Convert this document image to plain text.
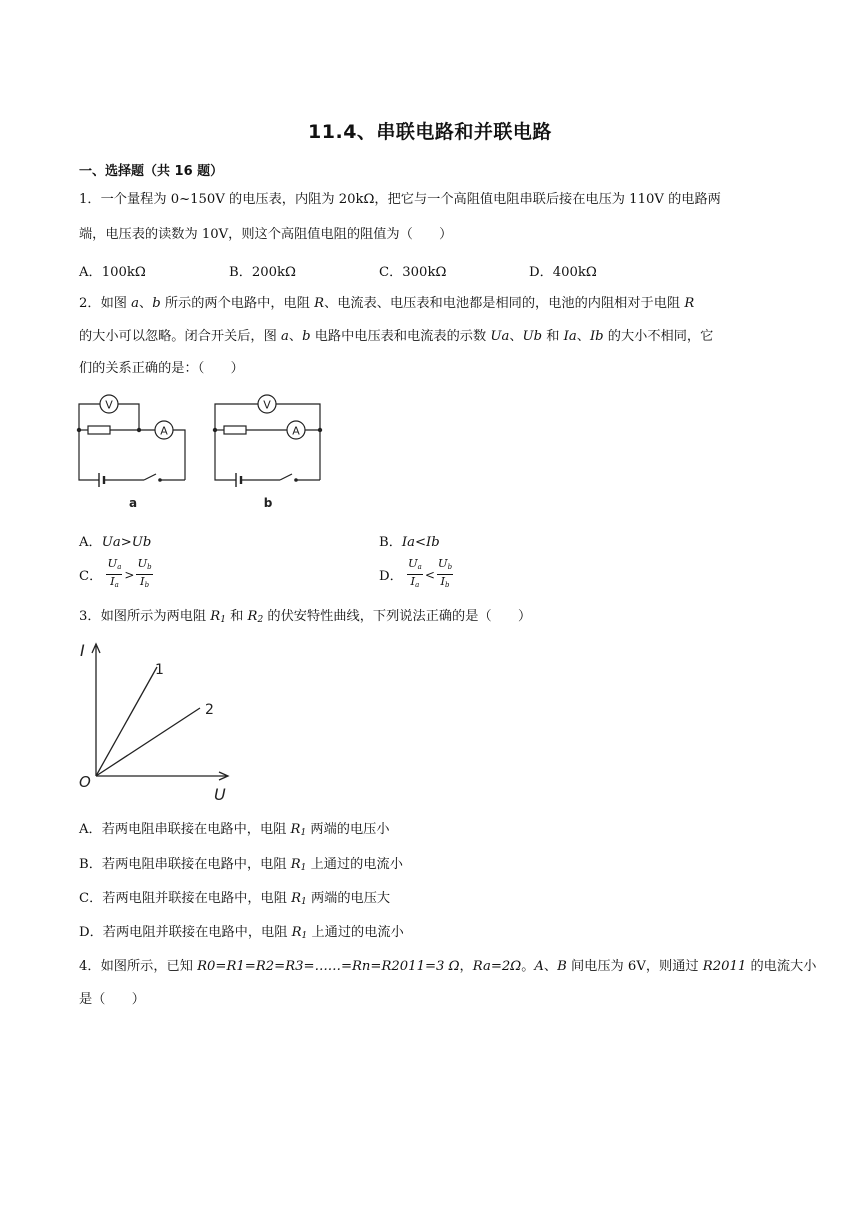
11.4、串联电路和并联电路
一、选择题（共 16 题）
1．一个量程为 0~150V 的电压表，内阻为 20kΩ，把它与一个高阻值电阻串联后接在电压为 110V 的电路两
端，电压表的读数为 10V，则这个高阻值电阻的阻值为（　　）
A．100kΩ	B．200kΩ	C．300kΩ	D．400kΩ
2．如图 a、b 所示的两个电路中，电阻 R、电流表、电压表和电池都是相同的，电池的内阻相对于电阻 R
的大小可以忽略。闭合开关后，图 a、b 电路中电压表和电流表的示数 Ua、Ub 和 Ia、Ib 的大小不相同，它
们的关系正确的是：（　　）
V
A
a
V
A
b
A．Ua>Ub	B．Ia<Ib
C． $\frac{U_a}{I_a} > \frac{U_b}{I_b}$	D． $\frac{U_a}{I_a} < \frac{U_b}{I_b}$
3．如图所示为两电阻 $R_1$ 和 $R_2$ 的伏安特性曲线，下列说法正确的是（　　）
I
U
O
1
2
A．若两电阻串联接在电路中，电阻 $R_1$ 两端的电压小
B．若两电阻串联接在电路中，电阻 $R_1$ 上通过的电流小
C．若两电阻并联接在电路中，电阻 $R_1$ 两端的电压大
D．若两电阻并联接在电路中，电阻 $R_1$ 上通过的电流小
4．如图所示，已知 R0=R1=R2=R3=……=Rn=R2011=3 Ω，Ra=2Ω。A、B 间电压为 6V，则通过 R2011 的电流大小
是（　　）
